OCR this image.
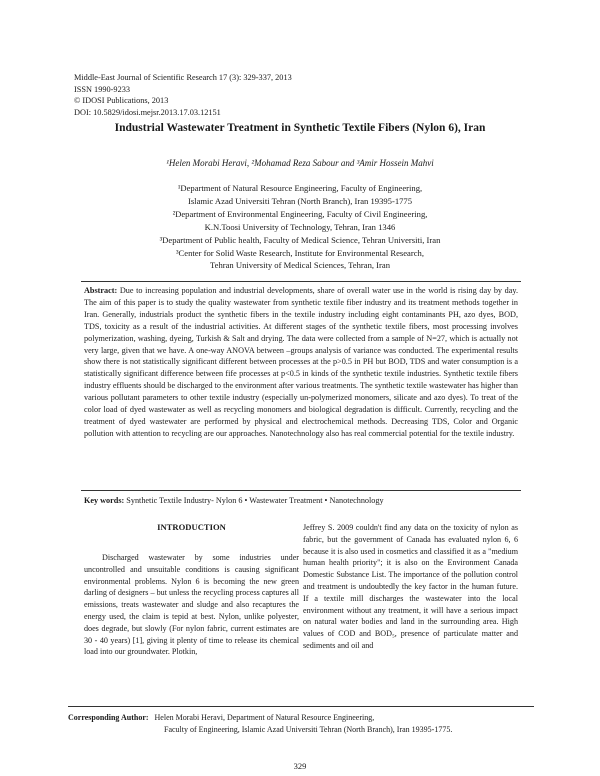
Middle-East Journal of Scientific Research 17 (3): 329-337, 2013
ISSN 1990-9233
© IDOSI Publications, 2013
DOI: 10.5829/idosi.mejsr.2013.17.03.12151
Industrial Wastewater Treatment in Synthetic Textile Fibers (Nylon 6), Iran
¹Helen Morabi Heravi, ²Mohamad Reza Sabour and ³Amir Hossein Mahvi
¹Department of Natural Resource Engineering, Faculty of Engineering,
Islamic Azad Universiti Tehran (North Branch), Iran 19395-1775
²Department of Environmental Engineering, Faculty of Civil Engineering,
K.N.Toosi University of Technology, Tehran, Iran 1346
³Department of Public health, Faculty of Medical Science, Tehran Universiti, Iran
³Center for Solid Waste Research, Institute for Environmental Research,
Tehran University of Medical Sciences, Tehran, Iran
Abstract: Due to increasing population and industrial developments, share of overall water use in the world is rising day by day. The aim of this paper is to study the quality wastewater from synthetic textile fiber industry and its treatment methods together in Iran. Generally, industrials product the synthetic fibers in the textile industry including eight contaminants PH, azo dyes, BOD, TDS, toxicity as a result of the industrial activities. At different stages of the synthetic textile fibers, most processing involves polymerization, washing, dyeing, Turkish & Salt and drying. The data were collected from a sample of N=27, which is actually not very large, given that we have. A one-way ANOVA between –groups analysis of variance was conducted. The experimental results show there is not statistically significant different between processes at the p>0.5 in PH but BOD, TDS and water consumption is a statistically significant difference between fife processes at p<0.5 in kinds of the synthetic textile industries. Synthetic textile fibers industry effluents should be discharged to the environment after various treatments. The synthetic textile wastewater has higher than various pollutant parameters to other textile industry (especially un-polymerized monomers, silicate and azo dyes). To treat of the color load of dyed wastewater as well as recycling monomers and biological degradation is difficult. Currently, recycling and the treatment of dyed wastewater are performed by physical and electrochemical methods. Decreasing TDS, Color and Organic pollution with attention to recycling are our approaches. Nanotechnology also has real commercial potential for the textile industry.
Key words: Synthetic Textile Industry- Nylon 6 • Wastewater Treatment • Nanotechnology
INTRODUCTION
Discharged wastewater by some industries under uncontrolled and unsuitable conditions is causing significant environmental problems. Nylon 6 is becoming the new green darling of designers – but unless the recycling process captures all emissions, treats wastewater and sludge and also recaptures the energy used, the claim is tepid at best. Nylon, unlike polyester, does degrade, but slowly (For nylon fabric, current estimates are 30 - 40 years) [1], giving it plenty of time to release its chemical load into our groundwater. Plotkin,
Jeffrey S. 2009 couldn't find any data on the toxicity of nylon as fabric, but the government of Canada has evaluated nylon 6, 6 because it is also used in cosmetics and classified it as a "medium human health priority"; it is also on the Environment Canada Domestic Substance List. The importance of the pollution control and treatment is undoubtedly the key factor in the human future. If a textile mill discharges the wastewater into the local environment without any treatment, it will have a serious impact on natural water bodies and land in the surrounding area. High values of COD and BOD₅, presence of particulate matter and sediments and oil and
Corresponding Author: Helen Morabi Heravi, Department of Natural Resource Engineering,
Faculty of Engineering, Islamic Azad Universiti Tehran (North Branch), Iran 19395-1775.
329
